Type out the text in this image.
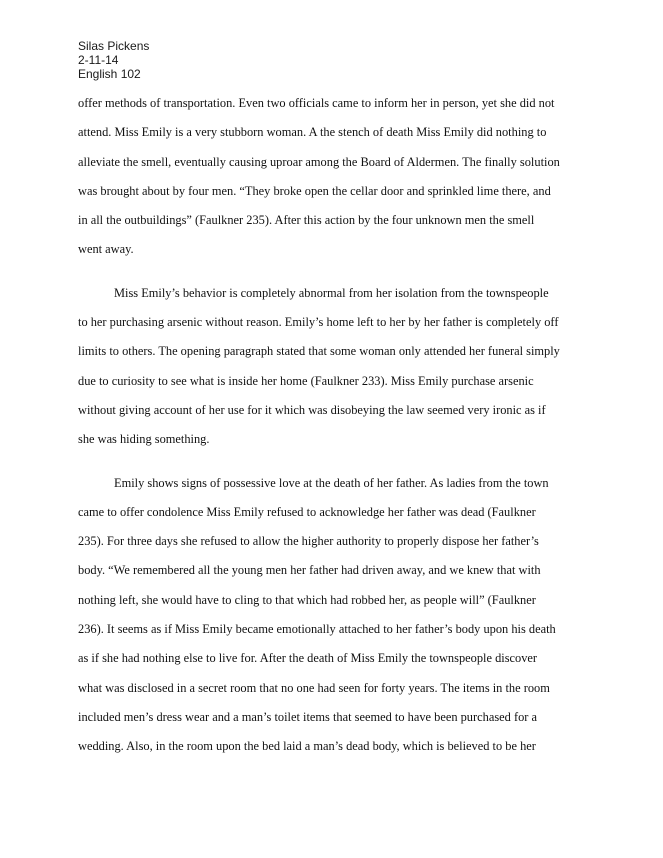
Silas Pickens
2-11-14
English 102
offer methods of transportation. Even two officials came to inform her in person, yet she did not
attend. Miss Emily is a very stubborn woman. A the stench of death Miss Emily did nothing to
alleviate the smell, eventually causing uproar among the Board of Aldermen. The finally solution
was brought about by four men. “They broke open the cellar door and sprinkled lime there, and
in all the outbuildings” (Faulkner 235). After this action by the four unknown men the smell
went away.
Miss Emily’s behavior is completely abnormal from her isolation from the townspeople
to her purchasing arsenic without reason. Emily’s home left to her by her father is completely off
limits to others. The opening paragraph stated that some woman only attended her funeral simply
due to curiosity to see what is inside her home (Faulkner 233). Miss Emily purchase arsenic
without giving account of her use for it which was disobeying the law seemed very ironic as if
she was hiding something.
Emily shows signs of possessive love at the death of her father. As ladies from the town
came to offer condolence Miss Emily refused to acknowledge her father was dead (Faulkner
235). For three days she refused to allow the higher authority to properly dispose her father’s
body. “We remembered all the young men her father had driven away, and we knew that with
nothing left, she would have to cling to that which had robbed her, as people will” (Faulkner
236). It seems as if Miss Emily became emotionally attached to her father’s body upon his death
as if she had nothing else to live for. After the death of Miss Emily the townspeople discover
what was disclosed in a secret room that no one had seen for forty years. The items in the room
included men’s dress wear and a man’s toilet items that seemed to have been purchased for a
wedding. Also, in the room upon the bed laid a man’s dead body, which is believed to be her
